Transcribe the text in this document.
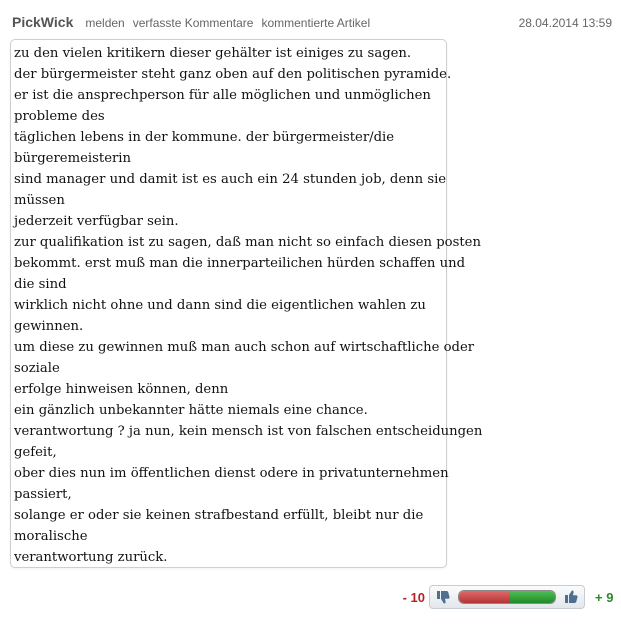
PickWick melden verfasste Kommentare kommentierte Artikel	28.04.2014 13:59
zu den vielen kritikern dieser gehälter ist einiges zu sagen.
der bürgermeister steht ganz oben auf den politischen pyramide.
er ist die ansprechperson für alle möglichen und unmöglichen
probleme des
täglichen lebens in der kommune. der bürgermeister/die
bürgeremeisterin
sind manager und damit ist es auch ein 24 stunden job, denn sie
müssen
jederzeit verfügbar sein.
zur qualifikation ist zu sagen, daß man nicht so einfach diesen posten
bekommt. erst muß man die innerparteilichen hürden schaffen und
die sind
wirklich nicht ohne und dann sind die eigentlichen wahlen zu
gewinnen.
um diese zu gewinnen muß man auch schon auf wirtschaftliche oder
soziale
erfolge hinweisen können, denn
ein gänzlich unbekannter hätte niemals eine chance.
verantwortung ? ja nun, kein mensch ist von falschen entscheidungen
gefeit,
ober dies nun im öffentlichen dienst odere in privatunternehmen
passiert,
solange er oder sie keinen strafbestand erfüllt, bleibt nur die
moralische
verantwortung zurück.
- 10	+ 9
